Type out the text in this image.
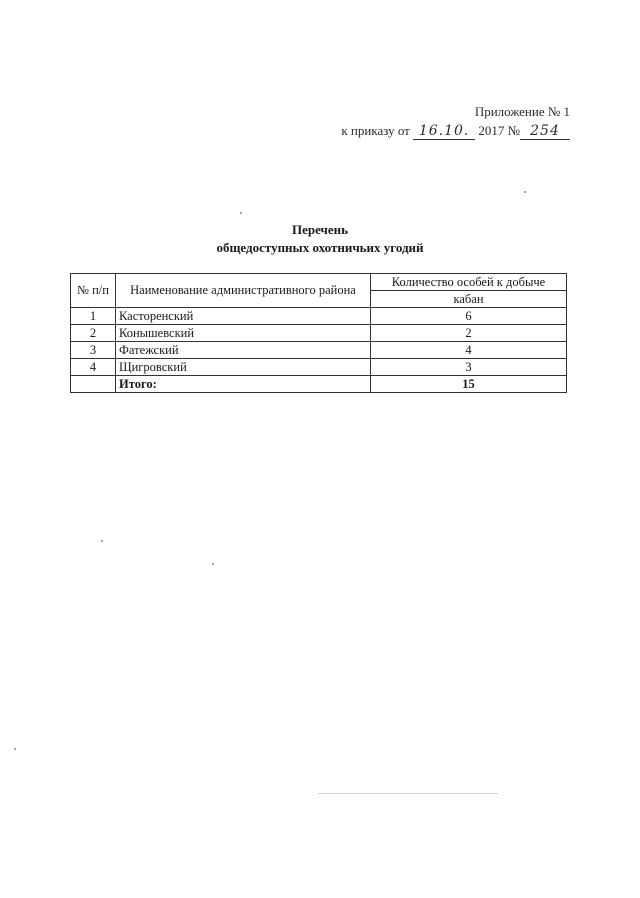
Приложение № 1
к приказу от 16.10. 2017 № 254
Перечень
общедоступных охотничьих угодий
№ п/п	Наименование административного района	Количество особей к добыче
		кабан
1	Касторенский	6
2	Конышевский	2
3	Фатежский	4
4	Щигровский	3
	Итого:	15
